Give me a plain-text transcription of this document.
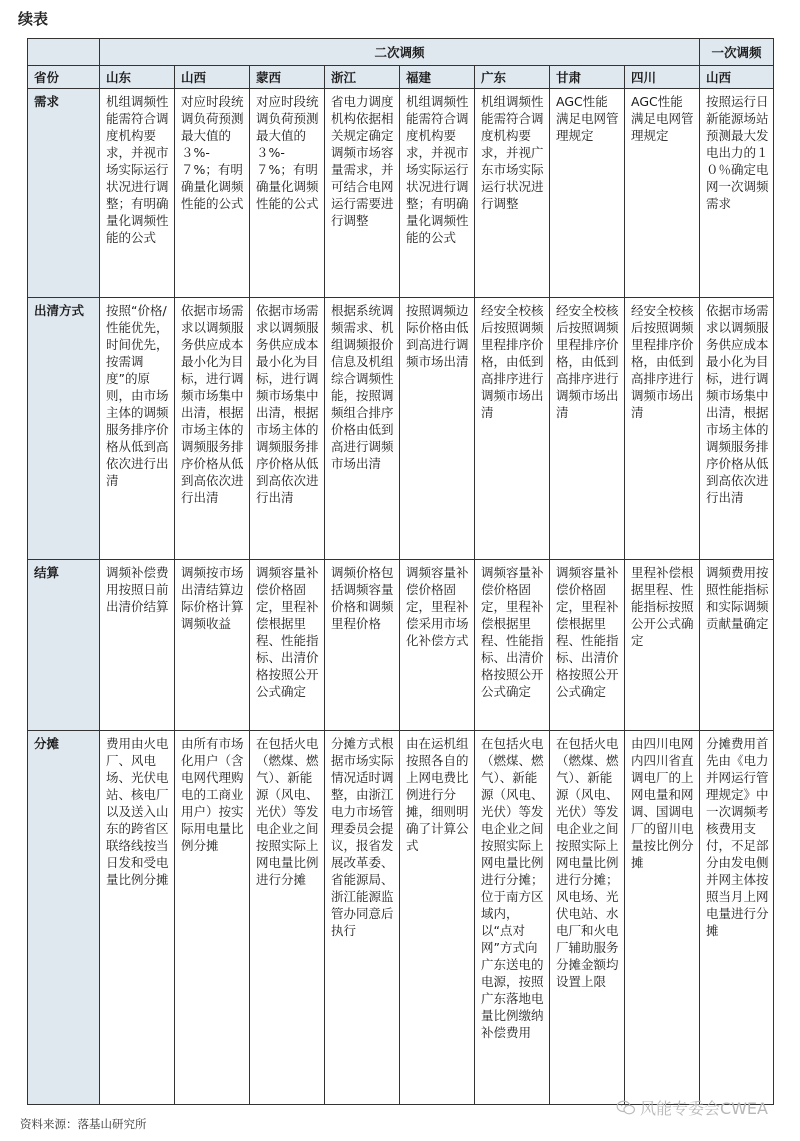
续表
	二次调频								一次调频
省份	山东	山西	蒙西	浙江	福建	广东	甘肃	四川	山西
需求	机组调频性能需符合调度机构要求，并视市场实际运行状况进行调整；有明确量化调频性能的公式	对应时段统调负荷预测最大值的３%-７%；有明确量化调频性能的公式	对应时段统调负荷预测最大值的３%-７%；有明确量化调频性能的公式	省电力调度机构依据相关规定确定调频市场容量需求，并可结合电网运行需要进行调整	机组调频性能需符合调度机构要求，并视市场实际运行状况进行调整；有明确量化调频性能的公式	机组调频性能需符合调度机构要求，并视广东市场实际运行状况进行调整	AGC性能满足电网管理规定	AGC性能满足电网管理规定	按照运行日新能源场站预测最大发电出力的１０％确定电网一次调频需求
出清方式	按照“价格/性能优先，时间优先，按需调度”的原则，由市场主体的调频服务排序价格从低到高依次进行出清	依据市场需求以调频服务供应成本最小化为目标，进行调频市场集中出清，根据市场主体的调频服务排序价格从低到高依次进行出清	依据市场需求以调频服务供应成本最小化为目标，进行调频市场集中出清，根据市场主体的调频服务排序价格从低到高依次进行出清	根据系统调频需求、机组调频报价信息及机组综合调频性能，按照调频组合排序价格由低到高进行调频市场出清	按照调频边际价格由低到高进行调频市场出清	经安全校核后按照调频里程排序价格，由低到高排序进行调频市场出清	经安全校核后按照调频里程排序价格，由低到高排序进行调频市场出清	经安全校核后按照调频里程排序价格，由低到高排序进行调频市场出清	依据市场需求以调频服务供应成本最小化为目标，进行调频市场集中出清，根据市场主体的调频服务排序价格从低到高依次进行出清
结算	调频补偿费用按照日前出清价结算	调频按市场出清结算边际价格计算调频收益	调频容量补偿价格固定，里程补偿根据里程、性能指标、出清价格按照公开公式确定	调频价格包括调频容量价格和调频里程价格	调频容量补偿价格固定，里程补偿采用市场化补偿方式	调频容量补偿价格固定，里程补偿根据里程、性能指标、出清价格按照公开公式确定	调频容量补偿价格固定，里程补偿根据里程、性能指标、出清价格按照公开公式确定	里程补偿根据里程、性能指标按照公开公式确定	调频费用按照性能指标和实际调频贡献量确定
分摊	费用由火电厂、风电场、光伏电站、核电厂以及送入山东的跨省区联络线按当日发和受电量比例分摊	由所有市场化用户（含电网代理购电的工商业用户）按实际用电量比例分摊	在包括火电（燃煤、燃气）、新能源（风电、光伏）等发电企业之间按照实际上网电量比例进行分摊	分摊方式根据市场实际情况适时调整，由浙江电力市场管理委员会提议，报省发展改革委、省能源局、浙江能源监管办同意后执行	由在运机组按照各自的上网电费比例进行分摊，细则明确了计算公式	在包括火电（燃煤、燃气）、新能源（风电、光伏）等发电企业之间按照实际上网电量比例进行分摊；位于南方区域内，以“点对网”方式向广东送电的电源，按照广东落地电量比例缴纳补偿费用	在包括火电（燃煤、燃气）、新能源（风电、光伏）等发电企业之间按照实际上网电量比例进行分摊；风电场、光伏电站、水电厂和火电厂辅助服务分摊金额均设置上限	由四川电网内四川省直调电厂的上网电量和网调、国调电厂的留川电量按比例分摊	分摊费用首先由《电力并网运行管理规定》中一次调频考核费用支付，不足部分由发电侧并网主体按照当月上网电量进行分摊
资料来源：落基山研究所
风能专委会CWEA
